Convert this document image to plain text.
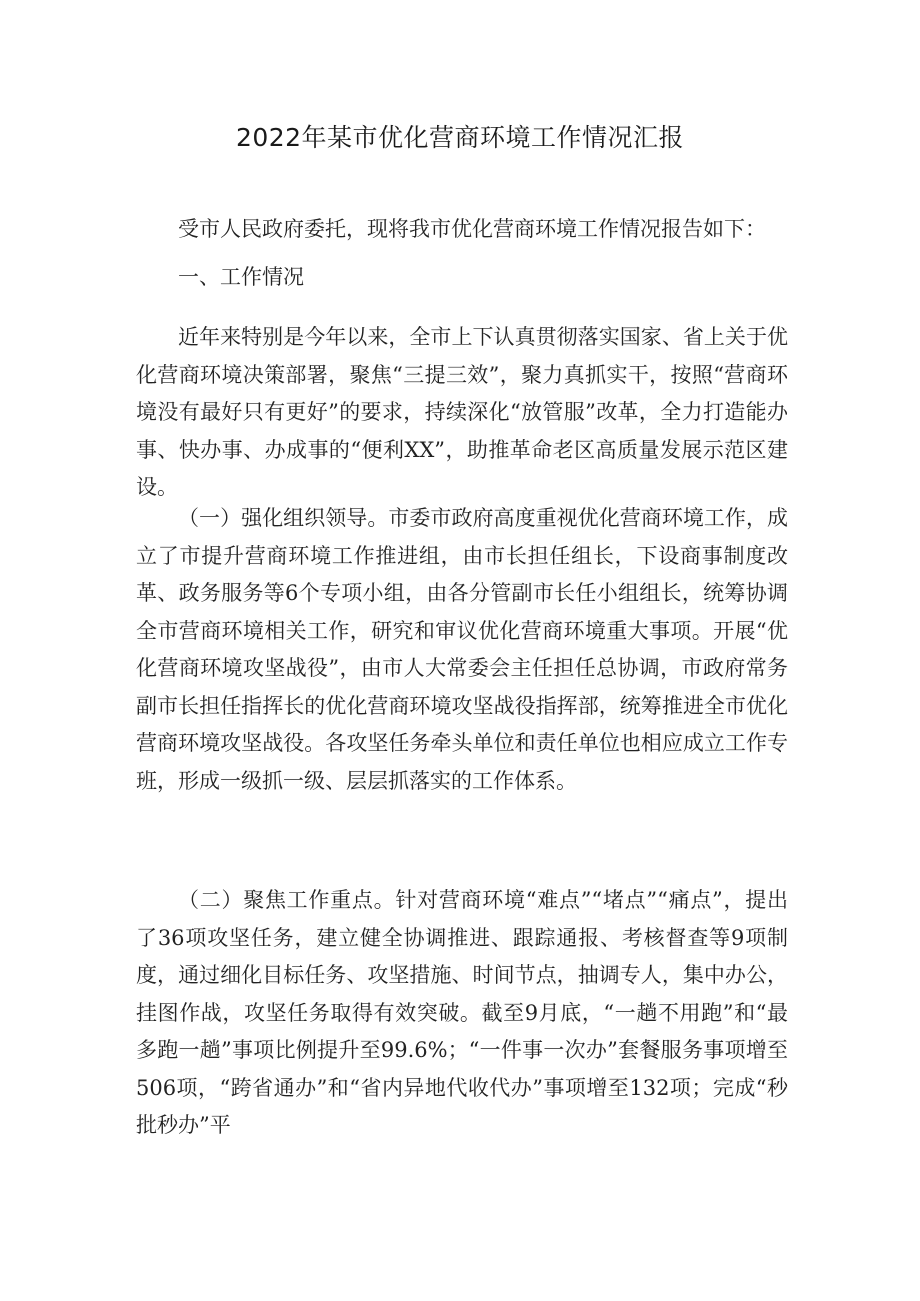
2022年某市优化营商环境工作情况汇报

受市人民政府委托，现将我市优化营商环境工作情况报告如下：

一、工作情况

近年来特别是今年以来，全市上下认真贯彻落实国家、省上关于优化营商环境决策部署，聚焦“三提三效”，聚力真抓实干，按照“营商环境没有最好只有更好”的要求，持续深化“放管服”改革，全力打造能办事、快办事、办成事的“便利XX”，助推革命老区高质量发展示范区建设。

（一）强化组织领导。市委市政府高度重视优化营商环境工作，成立了市提升营商环境工作推进组，由市长担任组长，下设商事制度改革、政务服务等6个专项小组，由各分管副市长任小组组长，统筹协调全市营商环境相关工作，研究和审议优化营商环境重大事项。开展“优化营商环境攻坚战役”，由市人大常委会主任担任总协调，市政府常务副市长担任指挥长的优化营商环境攻坚战役指挥部，统筹推进全市优化营商环境攻坚战役。各攻坚任务牵头单位和责任单位也相应成立工作专班，形成一级抓一级、层层抓落实的工作体系。

（二）聚焦工作重点。针对营商环境“难点”“堵点”“痛点”，提出了36项攻坚任务，建立健全协调推进、跟踪通报、考核督查等9项制度，通过细化目标任务、攻坚措施、时间节点，抽调专人，集中办公，挂图作战，攻坚任务取得有效突破。截至9月底，“一趟不用跑”和“最多跑一趟”事项比例提升至99.6%；“一件事一次办”套餐服务事项增至506项，“跨省通办”和“省内异地代收代办”事项增至132项；完成“秒批秒办”平
